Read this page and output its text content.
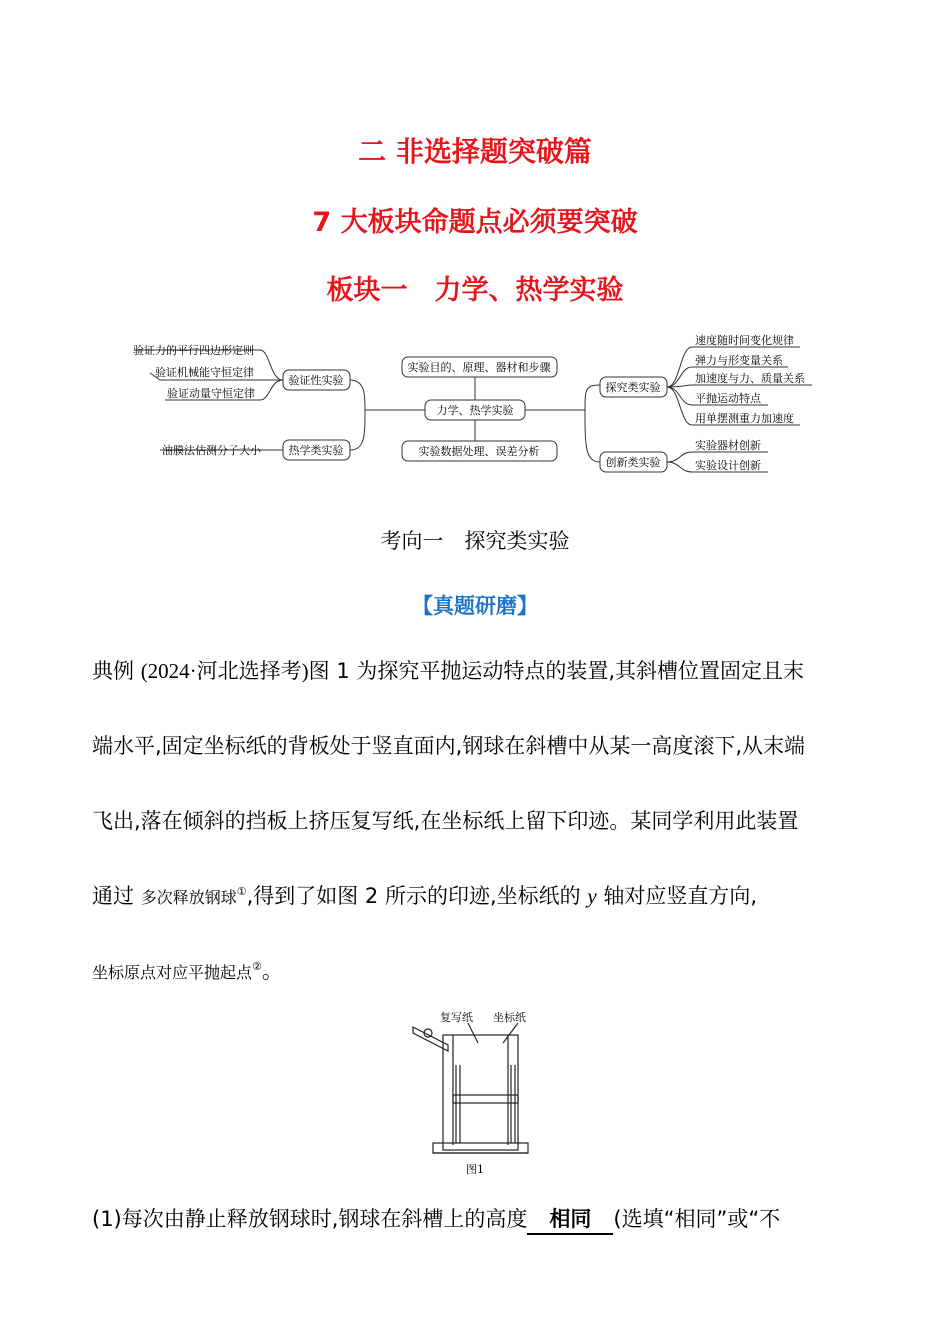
二 非选择题突破篇
7 大板块命题点必须要突破
板块一　力学、热学实验
力学、热学实验
实验目的、原理、器材和步骤
实验数据处理、误差分析
验证性实验
热学类实验
验证力的平行四边形定则
验证机械能守恒定律
验证动量守恒定律
油膜法估测分子大小
探究类实验
创新类实验
速度随时间变化规律
弹力与形变量关系
加速度与力、质量关系
平抛运动特点
用单摆测重力加速度
实验器材创新
实验设计创新
考向一　探究类实验
【真题研磨】
典例 (2024·河北选择考)图 1 为探究平抛运动特点的装置,其斜槽位置固定且末
端水平,固定坐标纸的背板处于竖直面内,钢球在斜槽中从某一高度滚下,从末端
飞出,落在倾斜的挡板上挤压复写纸,在坐标纸上留下印迹。某同学利用此装置
通过 多次释放钢球①,得到了如图 2 所示的印迹,坐标纸的 y 轴对应竖直方向,
坐标原点对应平抛起点②。
复写纸 坐标纸
图1
(1)每次由静止释放钢球时,钢球在斜槽上的高度 相同 (选填“相同”或“不
